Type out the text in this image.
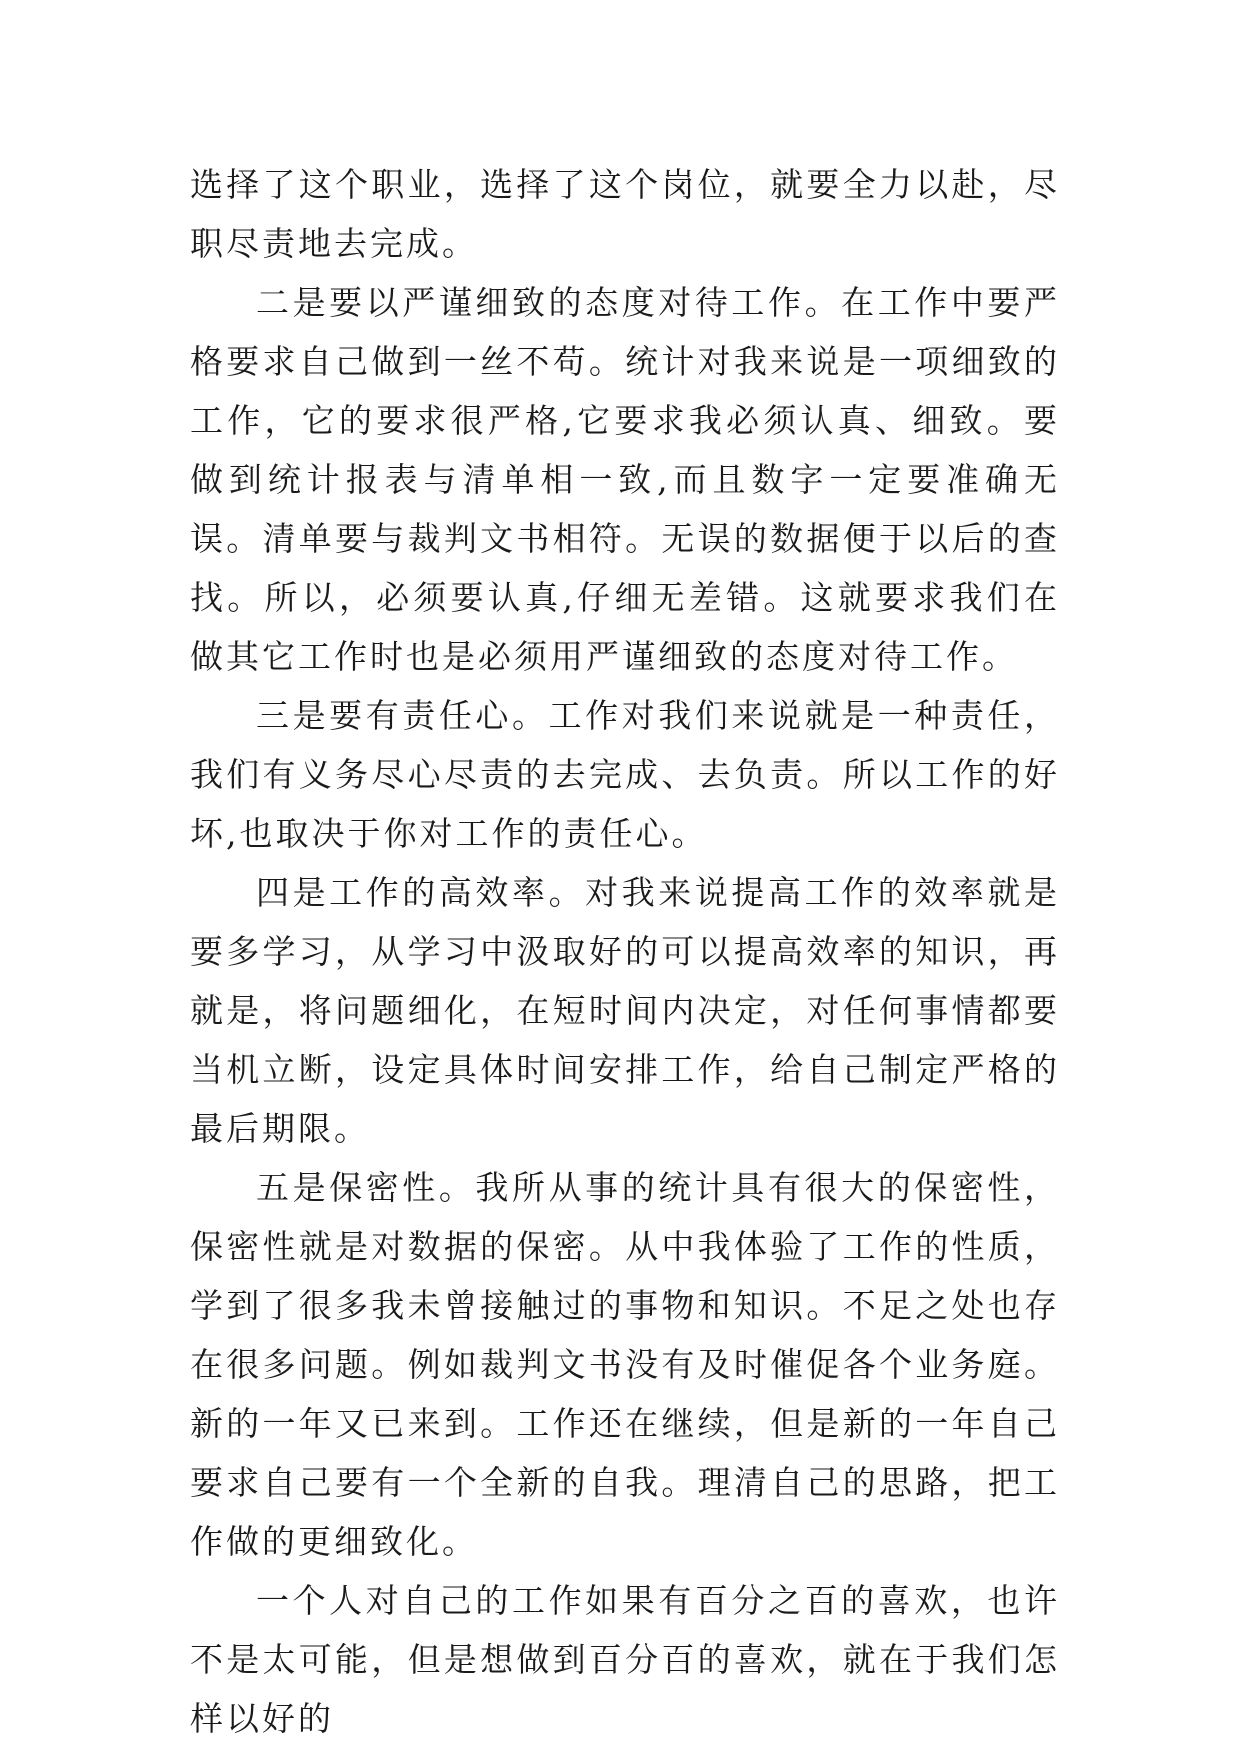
选择了这个职业，选择了这个岗位，就要全力以赴，尽职尽责地去完成。

二是要以严谨细致的态度对待工作。在工作中要严格要求自己做到一丝不苟。统计对我来说是一项细致的工作，它的要求很严格,它要求我必须认真、细致。要做到统计报表与清单相一致,而且数字一定要准确无误。清单要与裁判文书相符。无误的数据便于以后的查找。所以，必须要认真,仔细无差错。这就要求我们在做其它工作时也是必须用严谨细致的态度对待工作。

三是要有责任心。工作对我们来说就是一种责任，我们有义务尽心尽责的去完成、去负责。所以工作的好坏,也取决于你对工作的责任心。

四是工作的高效率。对我来说提高工作的效率就是要多学习，从学习中汲取好的可以提高效率的知识，再就是，将问题细化，在短时间内决定，对任何事情都要当机立断，设定具体时间安排工作，给自己制定严格的最后期限。

五是保密性。我所从事的统计具有很大的保密性，保密性就是对数据的保密。从中我体验了工作的性质，学到了很多我未曾接触过的事物和知识。不足之处也存在很多问题。例如裁判文书没有及时催促各个业务庭。新的一年又已来到。工作还在继续，但是新的一年自己要求自己要有一个全新的自我。理清自己的思路，把工作做的更细致化。

一个人对自己的工作如果有百分之百的喜欢，也许不是太可能，但是想做到百分百的喜欢，就在于我们怎样以好的
